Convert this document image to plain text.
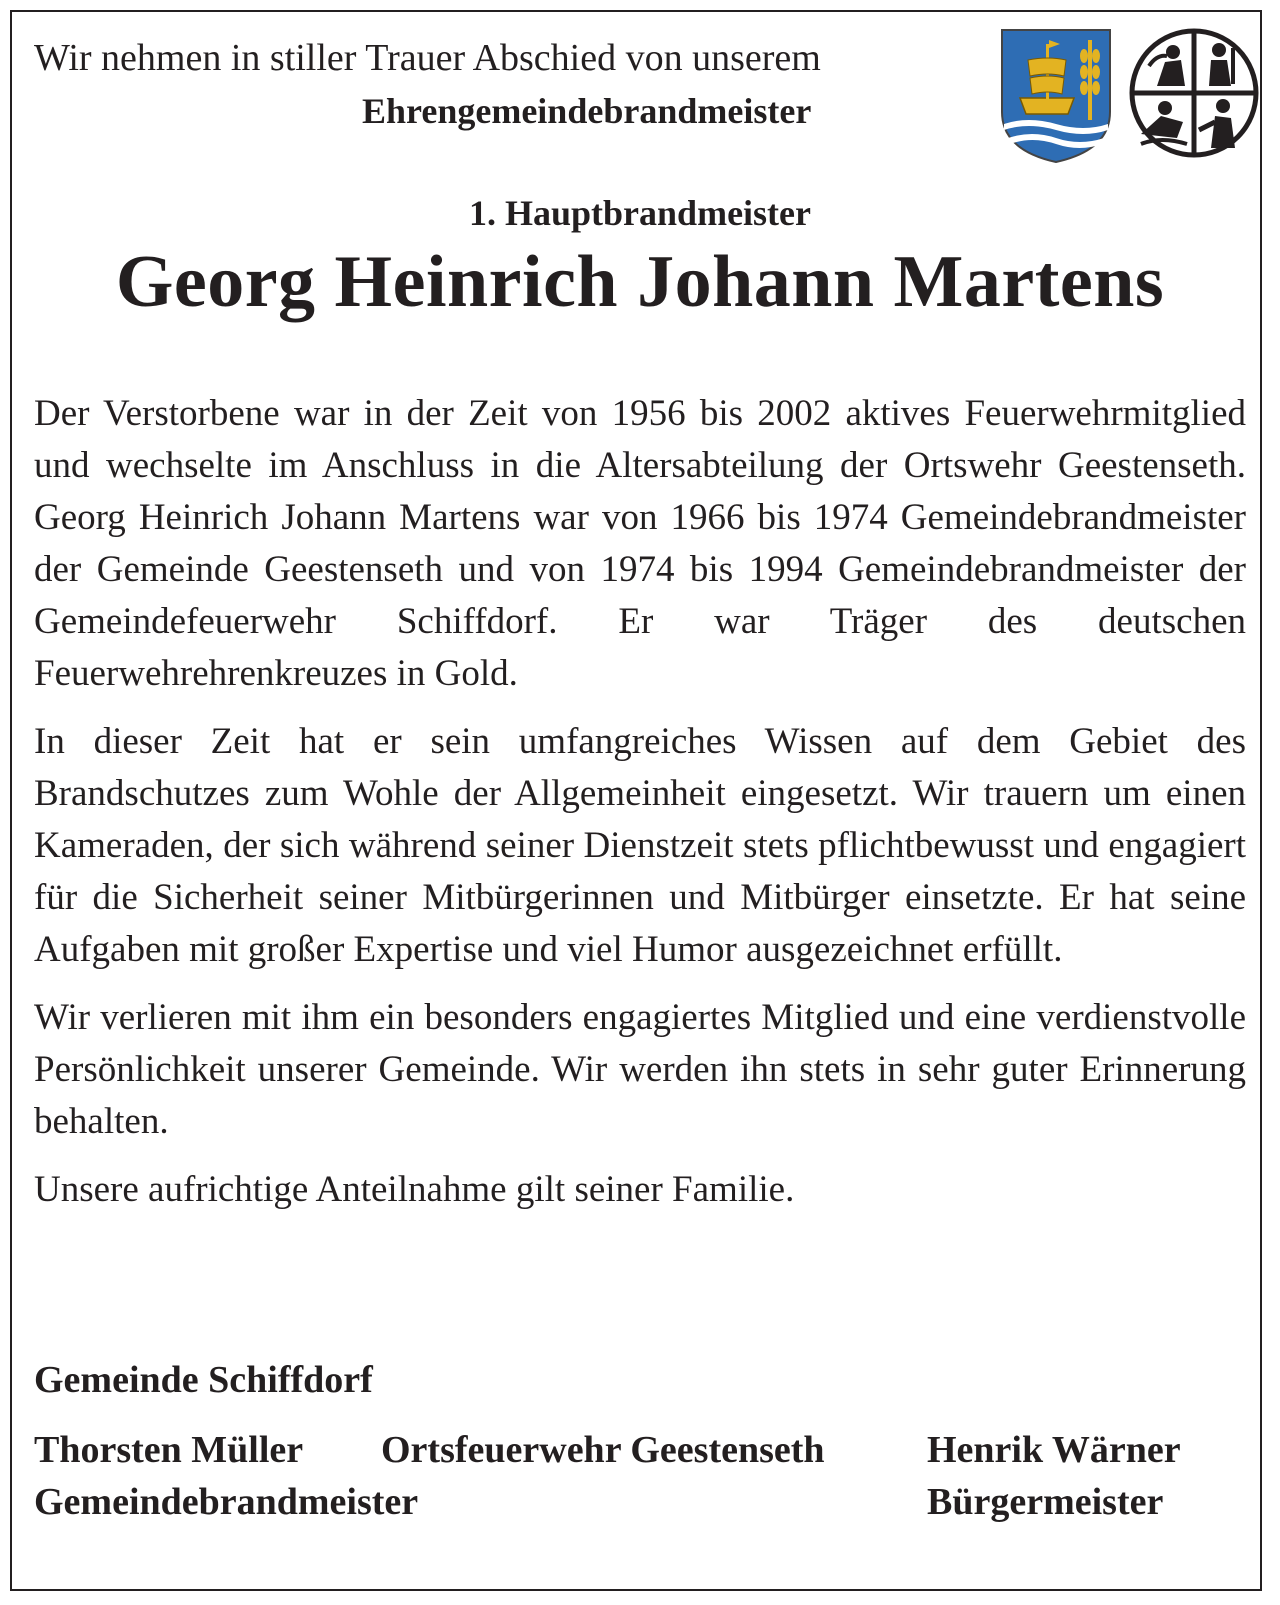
Wir nehmen in stiller Trauer Abschied von unserem
Ehrengemeindebrandmeister
1. Hauptbrandmeister
Georg Heinrich Johann Martens

Der Verstorbene war in der Zeit von 1956 bis 2002 aktives Feuerwehrmitglied und wechselte im Anschluss in die Altersabteilung der Ortswehr Geestenseth. Georg Heinrich Johann Martens war von 1966 bis 1974 Gemeindebrandmeister der Gemeinde Geestenseth und von 1974 bis 1994 Gemeindebrandmeister der Gemeindefeuerwehr Schiffdorf. Er war Träger des deutschen Feuerwehrehrenkreuzes in Gold.

In dieser Zeit hat er sein umfangreiches Wissen auf dem Gebiet des Brandschutzes zum Wohle der Allgemeinheit eingesetzt. Wir trauern um einen Kameraden, der sich während seiner Dienstzeit stets pflichtbewusst und engagiert für die Sicherheit seiner Mitbürgerinnen und Mitbürger einsetzte. Er hat seine Aufgaben mit großer Expertise und viel Humor ausgezeichnet erfüllt.

Wir verlieren mit ihm ein besonders engagiertes Mitglied und eine verdienstvolle Persönlichkeit unserer Gemeinde. Wir werden ihn stets in sehr guter Erinnerung behalten.

Unsere aufrichtige Anteilnahme gilt seiner Familie.

Gemeinde Schiffdorf
Thorsten Müller
Gemeindebrandmeister
Ortsfeuerwehr Geestenseth	Henrik Wärner
Bürgermeister
